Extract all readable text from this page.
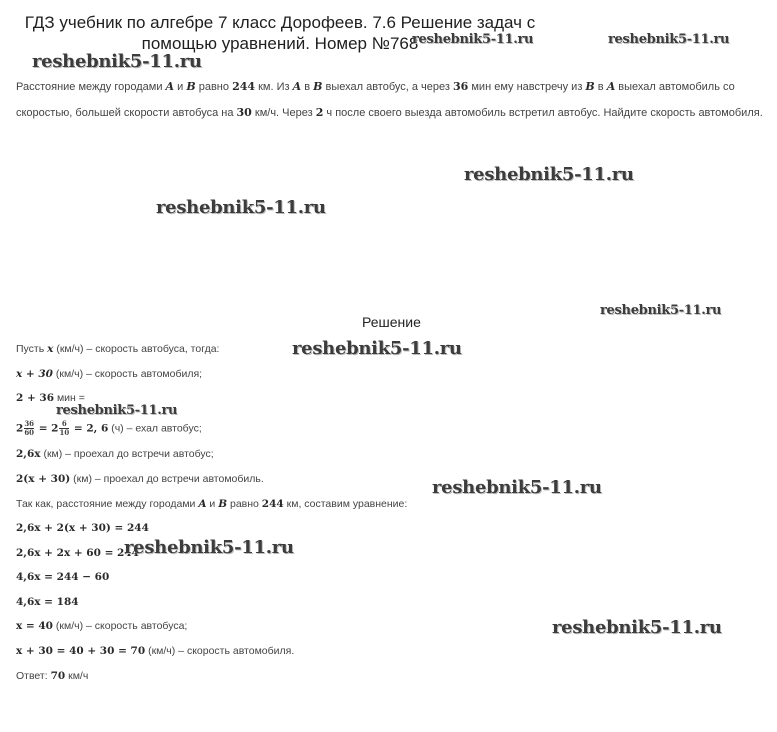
ГДЗ учебник по алгебре 7 класс Дорофеев. 7.6 Решение задач с помощью уравнений. Номер №768
Расстояние между городами A и B равно 244 км. Из A в B выехал автобус, а через 36 мин ему навстречу из B в A выехал автомобиль со скоростью, большей скорости автобуса на 30 км/ч. Через 2 ч после своего выезда автомобиль встретил автобус. Найдите скорость автомобиля.
Решение
Пусть x (км/ч) – скорость автобуса, тогда:
x + 30 (км/ч) – скорость автомобиля;
2 + 36 мин =
$2 \frac{36}{60} = 2 \frac{6}{10} = 2$, 6 (ч) – ехал автобус;
2,6x (км) – проехал до встречи автобус;
2(x + 30) (км) – проехал до встречи автомобиль.
Так как, расстояние между городами A и B равно 244 км, составим уравнение:
2,6x + 2(x + 30) = 244
2,6x + 2x + 60 = 244
4,6x = 244 − 60
4,6x = 184
x = 40 (км/ч) – скорость автобуса;
x + 30 = 40 + 30 = 70 (км/ч) – скорость автомобиля.
Ответ: 70 км/ч
reshebnik5-11.ru	reshebnik5-11.ru
reshebnik5-11.ru
reshebnik5-11.ru
reshebnik5-11.ru
reshebnik5-11.ru
reshebnik5-11.ru
reshebnik5-11.ru
reshebnik5-11.ru
reshebnik5-11.ru
reshebnik5-11.ru
